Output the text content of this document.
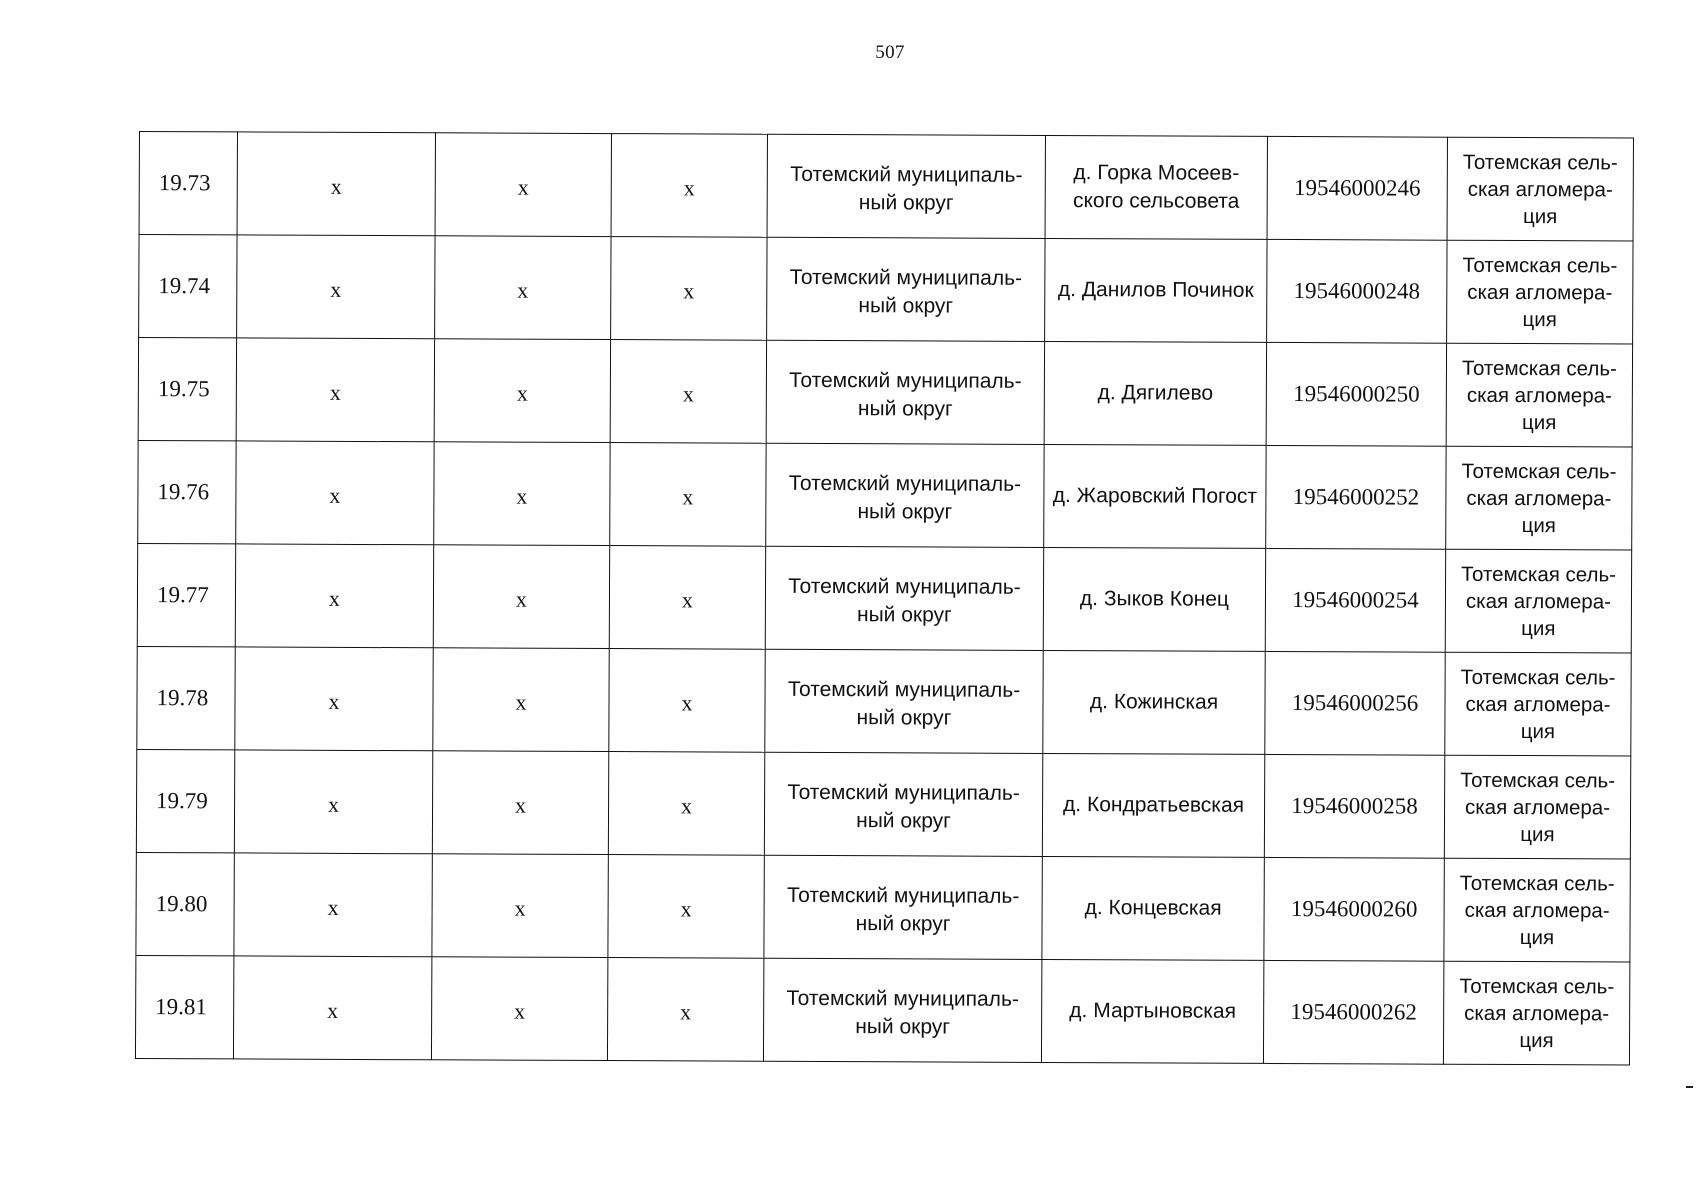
507
19.73	х	х	х	Тотемский муниципаль-ный округ	д. Горка Мосеев-ского сельсовета	19546000246	Тотемская сель-ская агломера-ция
19.74	х	х	х	Тотемский муниципаль-ный округ	д. Данилов Починок	19546000248	Тотемская сель-ская агломера-ция
19.75	х	х	х	Тотемский муниципаль-ный округ	д. Дягилево	19546000250	Тотемская сель-ская агломера-ция
19.76	х	х	х	Тотемский муниципаль-ный округ	д. Жаровский Погост	19546000252	Тотемская сель-ская агломера-ция
19.77	х	х	х	Тотемский муниципаль-ный округ	д. Зыков Конец	19546000254	Тотемская сель-ская агломера-ция
19.78	х	х	х	Тотемский муниципаль-ный округ	д. Кожинская	19546000256	Тотемская сель-ская агломера-ция
19.79	х	х	х	Тотемский муниципаль-ный округ	д. Кондратьевская	19546000258	Тотемская сель-ская агломера-ция
19.80	х	х	х	Тотемский муниципаль-ный округ	д. Концевская	19546000260	Тотемская сель-ская агломера-ция
19.81	х	х	х	Тотемский муниципаль-ный округ	д. Мартыновская	19546000262	Тотемская сель-ская агломера-ция
